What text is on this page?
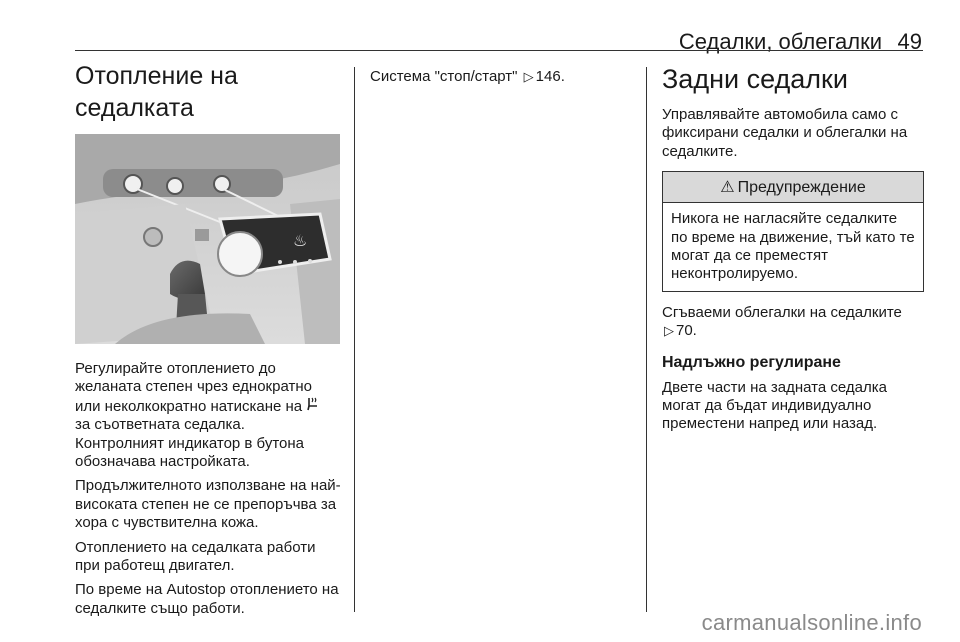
Седалки, облегалки 49
Отопление на седалката
♨

Регулирайте отоплението до
желаната степен чрез еднократно
или неколкократно натискане на
за съответната седалка.
Контролният индикатор в бутона
обозначава настройката.

Продължителното използване на най-високата степен не се препоръчва за хора с чувствителна кожа.

Отоплението на седалката работи при работещ двигател.

По време на Autostop отоплението на седалките също работи.

Система "стоп/старт" ▷ 146.	Задни седалки

Управлявайте автомобила само с фиксирани седалки и облегалки на седалките.

⚠ Предупреждение
Никога не нагласяйте седалките по време на движение, тъй като те могат да се преместят неконтролируемо.

Сгъваеми облегалки на седалките
▷ 70.

Надлъжно регулиране

Двете части на задната седалка могат да бъдат индивидуално преместени напред или назад.

carmanualsonline.info
